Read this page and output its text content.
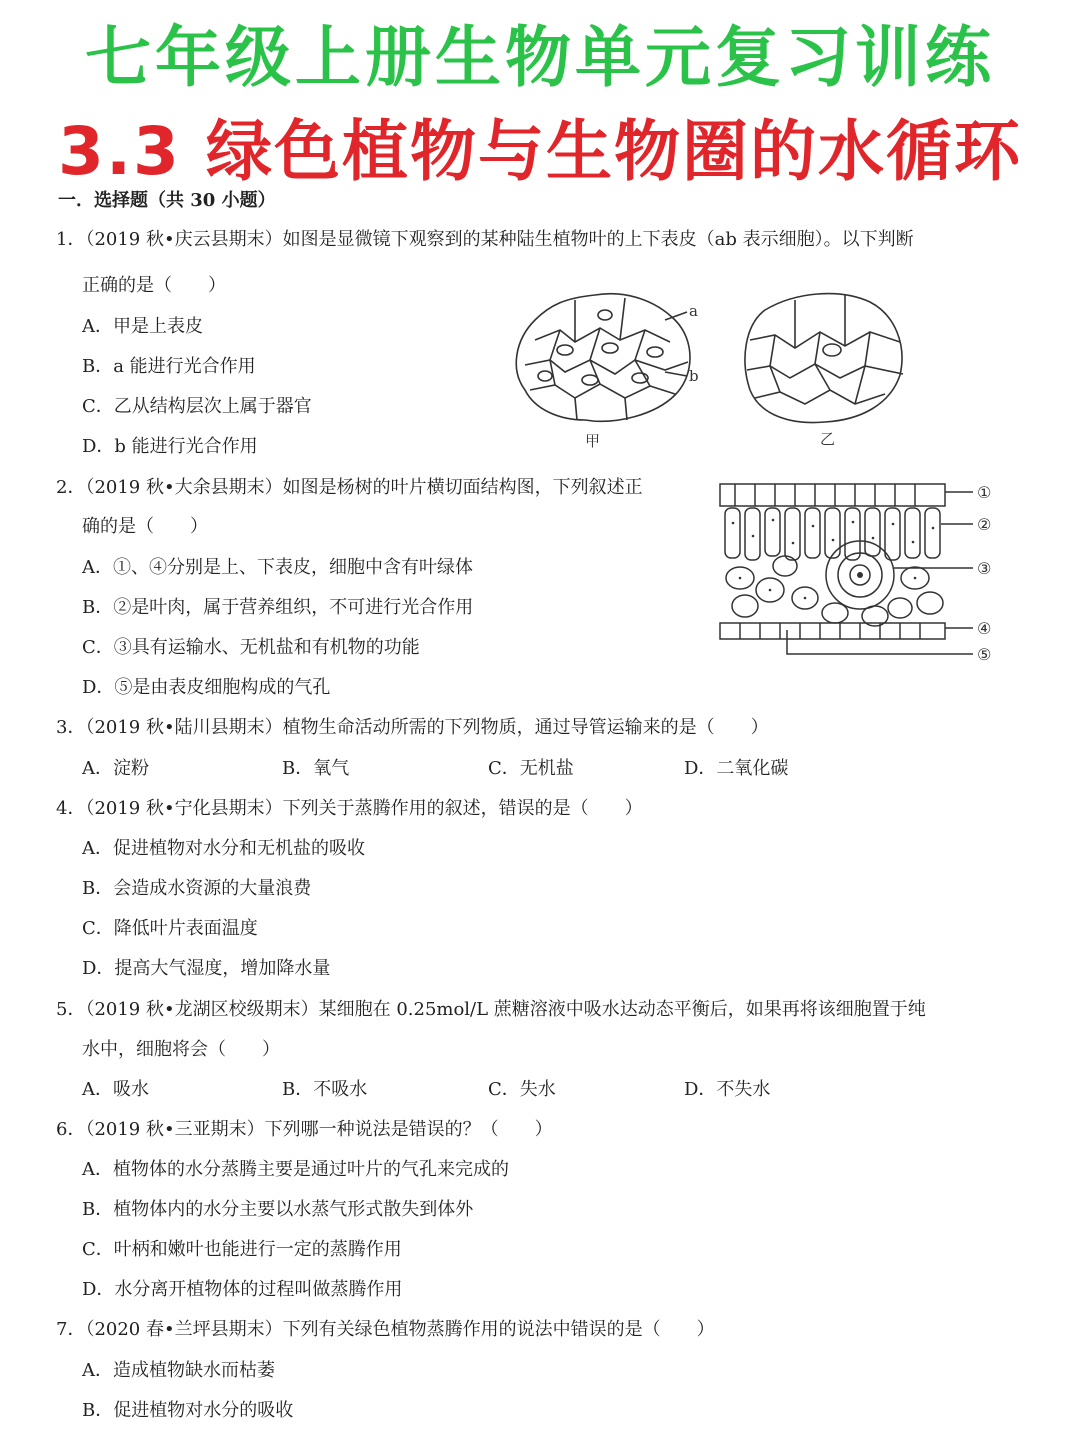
七年级上册生物单元复习训练
3.3 绿色植物与生物圈的水循环
一．选择题（共 30 小题）
1．（2019 秋•庆云县期末）如图是显微镜下观察到的某种陆生植物叶的上下表皮（ab 表示细胞）。以下判断
正确的是（　　）
A．甲是上表皮
B．a 能进行光合作用
C．乙从结构层次上属于器官
D．b 能进行光合作用
a
b
甲	乙
2．（2019 秋•大余县期末）如图是杨树的叶片横切面结构图，下列叙述正
确的是（　　）
A．①、④分别是上、下表皮，细胞中含有叶绿体
B．②是叶肉，属于营养组织，不可进行光合作用
C．③具有运输水、无机盐和有机物的功能
D．⑤是由表皮细胞构成的气孔
①
②
③
④
⑤
3．（2019 秋•陆川县期末）植物生命活动所需的下列物质，通过导管运输来的是（　　）
A．淀粉	B．氧气	C．无机盐	D．二氧化碳
4．（2019 秋•宁化县期末）下列关于蒸腾作用的叙述，错误的是（　　）
A．促进植物对水分和无机盐的吸收
B．会造成水资源的大量浪费
C．降低叶片表面温度
D．提高大气湿度，增加降水量
5．（2019 秋•龙湖区校级期末）某细胞在 0.25mol/L 蔗糖溶液中吸水达动态平衡后，如果再将该细胞置于纯
水中，细胞将会（　　）
A．吸水	B．不吸水	C．失水	D．不失水
6．（2019 秋•三亚期末）下列哪一种说法是错误的？（　　）
A．植物体的水分蒸腾主要是通过叶片的气孔来完成的
B．植物体内的水分主要以水蒸气形式散失到体外
C．叶柄和嫩叶也能进行一定的蒸腾作用
D．水分离开植物体的过程叫做蒸腾作用
7．（2020 春•兰坪县期末）下列有关绿色植物蒸腾作用的说法中错误的是（　　）
A．造成植物缺水而枯萎
B．促进植物对水分的吸收
